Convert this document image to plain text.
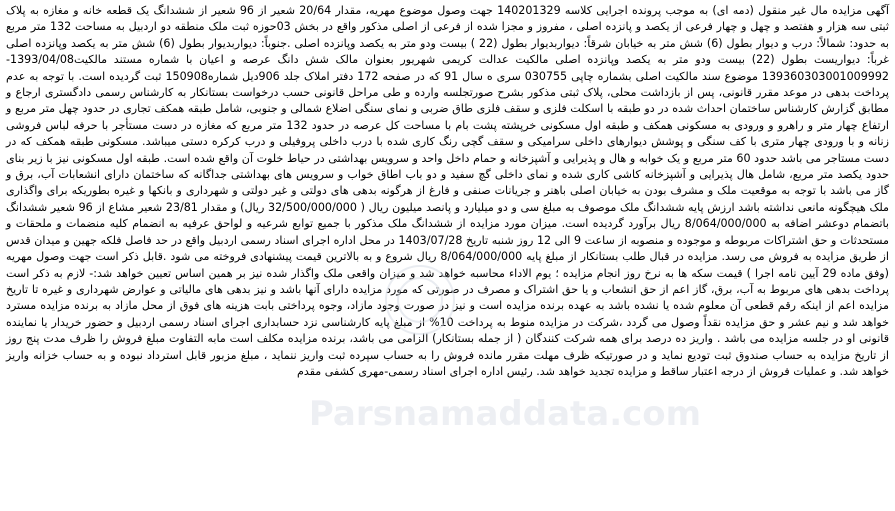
آگهی مزایده مال غیر منقول (دمه ای) به موجب پرونده اجرایی کلاسه 140201329 جهت وصول موضوع مهریه، مقدار 20/64 شعیر از 96 شعیر از ششدانگ یک قطعه خانه و مغازه به پلاک ثبتی سه هزار و هفتصد و چهل و چهار فرعی از یکصد و پانزده اصلی ، مفروز و مجزا شده از فرعی از اصلی مذکور واقع در بخش 03حوزه ثبت ملک منطقه دو اردبیل به مساحت 132 متر مربع به حدود: شمالاً: درب و دیوار بطول (6) شش متر به خیابان شرقاً: دیواربدیوار بطول (22 ) بیست ودو متر به یکصد وپانزده اصلی .جنوباً: دیواربدیوار بطول (6) شش متر به یکصد وپانزده اصلی غرباً: دیواریست بطول (22) بیست ودو متر به یکصد وپانزده اصلی مالکیت عدالت کریمی شهریور بعنوان مالک شش دانگ عرصه و اعیان با شماره مستند مالکیت1393/04/08-139360303001009992 موضوع سند مالکیت اصلی بشماره چاپی 030755 سری ه سال 91 که در صفحه 172 دفتر املاک جلد 906دیل شماره150908 ثبت گردیده است. با توجه به عدم پرداخت بدهی در موعد مقرر قانونی، پس از بازداشت محلی، پلاک ثبتی مذکور بشرح صورتجلسه وارده و طی مراحل قانونی حسب درخواست بستانکار به کارشناس رسمی دادگستری ارجاع و مطابق گزارش کارشناس ساختمان احداث شده در دو طبقه با اسکلت فلزی و سقف فلزی طاق ضربی و نمای سنگی اضلاع شمالی و جنوبی، شامل طبقه همکف تجاری در حدود چهل متر مربع و ارتفاع چهار متر و راهرو و ورودی به مسکونی همکف و طبقه اول مسکونی خرپشته پشت بام با مساحت کل عرصه در حدود 132 متر مربع که مغازه در دست مستأجر با حرفه لباس فروشی زنانه و با ورودی چهار متری با کف سنگی و پوشش دیوارهای داخلی سرامیکی و سقف گچی رنگ کاری شده با درب داخلی پروفیلی و درب کرکره دستی میباشد. مسکونی طبقه همکف که در دست مستاجر می باشد حدود 60 متر مربع و یک خوابه و هال و پذیرایی و آشپزخانه و حمام داخل واحد و سرویس بهداشتی در حیاط خلوت آن واقع شده است. طبقه اول مسکونی نیز با زیر بنای حدود یکصد متر مربع، شامل هال پذیرایی و آشپزخانه کاشی کاری شده و نمای داخلی گچ سفید و دو باب اطاق خواب و سرویس های بهداشتی جداگانه که ساختمان دارای انشعابات آب، برق و گاز می باشد با توجه به موقعیت ملک و مشرف بودن به خیابان اصلی باهنر و جریانات صنفی و فارغ از هرگونه بدهی های دولتی و غیر دولتی و شهرداری و بانکها و غیره بطوریکه برای واگذاری ملک هیچگونه مانعی نداشته باشد ارزش پایه ششدانگ ملک موصوف به مبلغ سی و دو میلیارد و پانصد میلیون ریال ( 32/500/000/000 ریال) و مقدار 23/81 شعیر مشاع از 96 شعیر ششدانگ باتضمام دوعشر اضافه به 8/064/000/000 ریال برآورد گردیده است. میزان مورد مزایده از ششدانگ ملک مذکور با جمیع توابع شرعیه و لواحق عرفیه به انضمام کلیه منضمات و ملحقات و مستحدثات و حق اشتراکات مربوطه و موجوده و منصوبه از ساعت 9 الی 12 روز شنبه تاریخ 1403/07/28 در محل اداره اجرای اسناد رسمی اردبیل واقع در حد فاصل فلکه جهین و میدان قدس از طریق مزایده به فروش می رسد. مزایده در قبال طلب بستانکار از مبلغ پایه 8/064/000/000 ریال شروع و به بالاترین قیمت پیشنهادی فروخته می شود .قابل ذکر است جهت وصول مهریه (وفق ماده 29 آیین نامه اجرا ) قیمت سکه ها به نرخ روز انجام مزایده ؛ یوم الاداء محاسبه خواهد شد و میزان واقعی ملک واگذار شده نیز بر همین اساس تعیین خواهد شد:- لازم به ذکر است پرداخت بدهی های مربوط به آب، برق، گاز اعم از حق انشعاب و یا حق اشتراک و مصرف در صورتی که مورد مزایده دارای آنها باشد و نیز بدهی های مالیاتی و عوارض شهرداری و غیره تا تاریخ مزایده اعم از اینکه رقم قطعی آن معلوم شده یا نشده باشد به عهده برنده مزایده است و نیز در صورت وجود مازاد، وجوه پرداختی بابت هزینه های فوق از محل مازاد به برنده مزایده مسترد خواهد شد و نیم عشر و حق مزایده نقداً وصول می گردد ،شرکت در مزایده منوط به پرداخت 10% از مبلغ پایه کارشناسی نزد حسابداری اجرای اسناد رسمی اردبیل و حضور خریدار یا نماینده قانونی او در جلسه مزایده می باشد . واریز ده درصد برای همه شرکت کنندگان ( از جمله بستانکار) الزامی می باشد، برنده مزایده مکلف است مابه التفاوت مبلغ فروش را ظرف مدت پنج روز از تاریخ مزایده به حساب صندوق ثبت تودیع نماید و در صورتیکه ظرف مهلت مقرر مانده فروش را به حساب سپرده ثبت واریز ننماید ، مبلغ مزبور قابل استرداد نبوده و به حساب خزانه واریز خواهد شد. و عملیات فروش از درجه اعتبار ساقط و مزایده تجدید خواهد شد. رئیس اداره اجرای اسناد رسمی-مهری کشفی مقدم

Parsnamaddata.com
